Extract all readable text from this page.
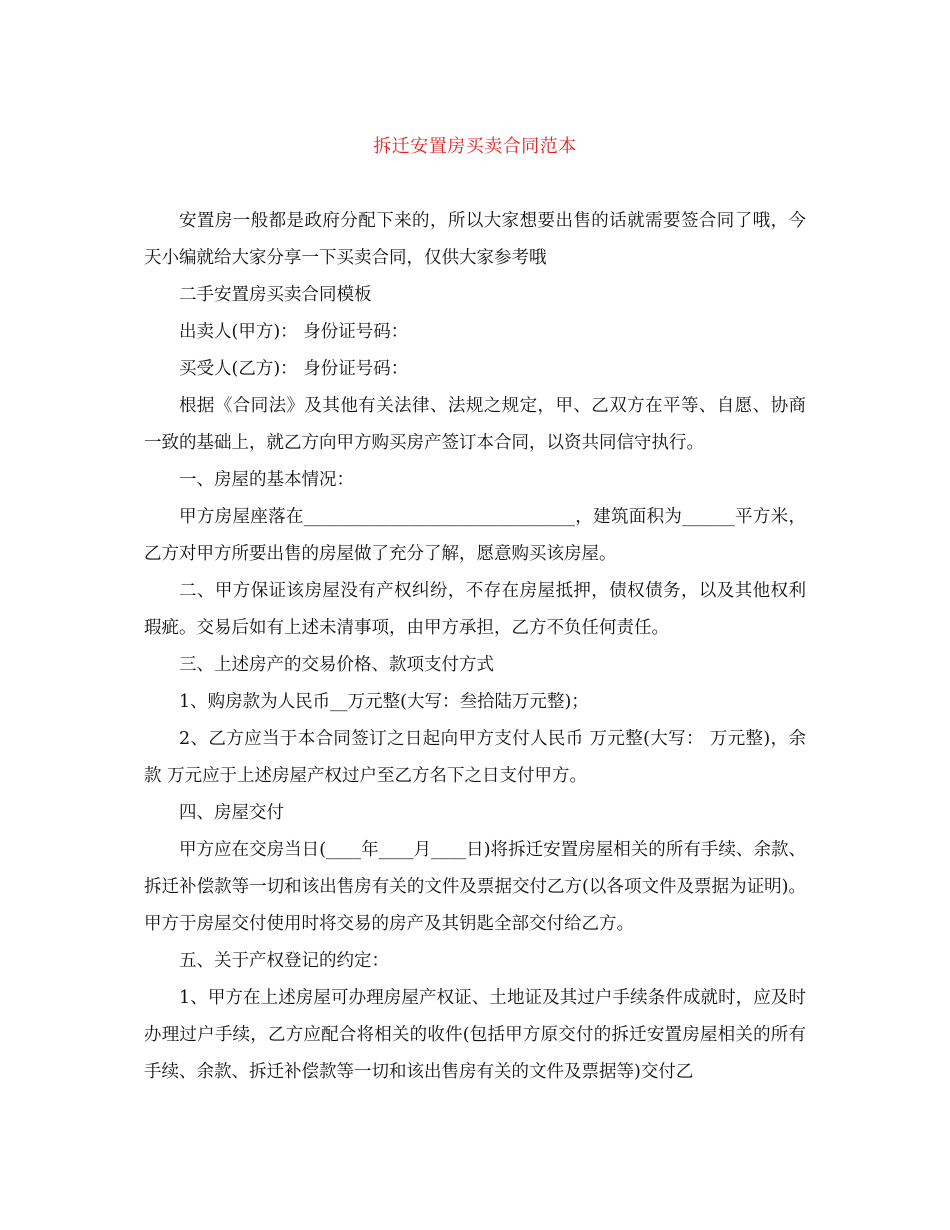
拆迁安置房买卖合同范本

安置房一般都是政府分配下来的，所以大家想要出售的话就需要签合同了哦，今天小编就给大家分享一下买卖合同，仅供大家参考哦

二手安置房买卖合同模板

出卖人(甲方)： 身份证号码：

买受人(乙方)： 身份证号码：

根据《合同法》及其他有关法律、法规之规定，甲、乙双方在平等、自愿、协商一致的基础上，就乙方向甲方购买房产签订本合同，以资共同信守执行。

一、房屋的基本情况：

甲方房屋座落在_______________________________，建筑面积为______平方米，乙方对甲方所要出售的房屋做了充分了解，愿意购买该房屋。

二、甲方保证该房屋没有产权纠纷，不存在房屋抵押，债权债务，以及其他权利瑕疵。交易后如有上述未清事项，由甲方承担，乙方不负任何责任。

三、上述房产的交易价格、款项支付方式

1、购房款为人民币__万元整(大写：叁拾陆万元整)；

2、乙方应当于本合同签订之日起向甲方支付人民币 万元整(大写： 万元整)，余款 万元应于上述房屋产权过户至乙方名下之日支付甲方。

四、房屋交付

甲方应在交房当日(____年____月____日)将拆迁安置房屋相关的所有手续、余款、拆迁补偿款等一切和该出售房有关的文件及票据交付乙方(以各项文件及票据为证明)。甲方于房屋交付使用时将交易的房产及其钥匙全部交付给乙方。

五、关于产权登记的约定：

1、甲方在上述房屋可办理房屋产权证、土地证及其过户手续条件成就时，应及时办理过户手续，乙方应配合将相关的收件(包括甲方原交付的拆迁安置房屋相关的所有手续、余款、拆迁补偿款等一切和该出售房有关的文件及票据等)交付乙
